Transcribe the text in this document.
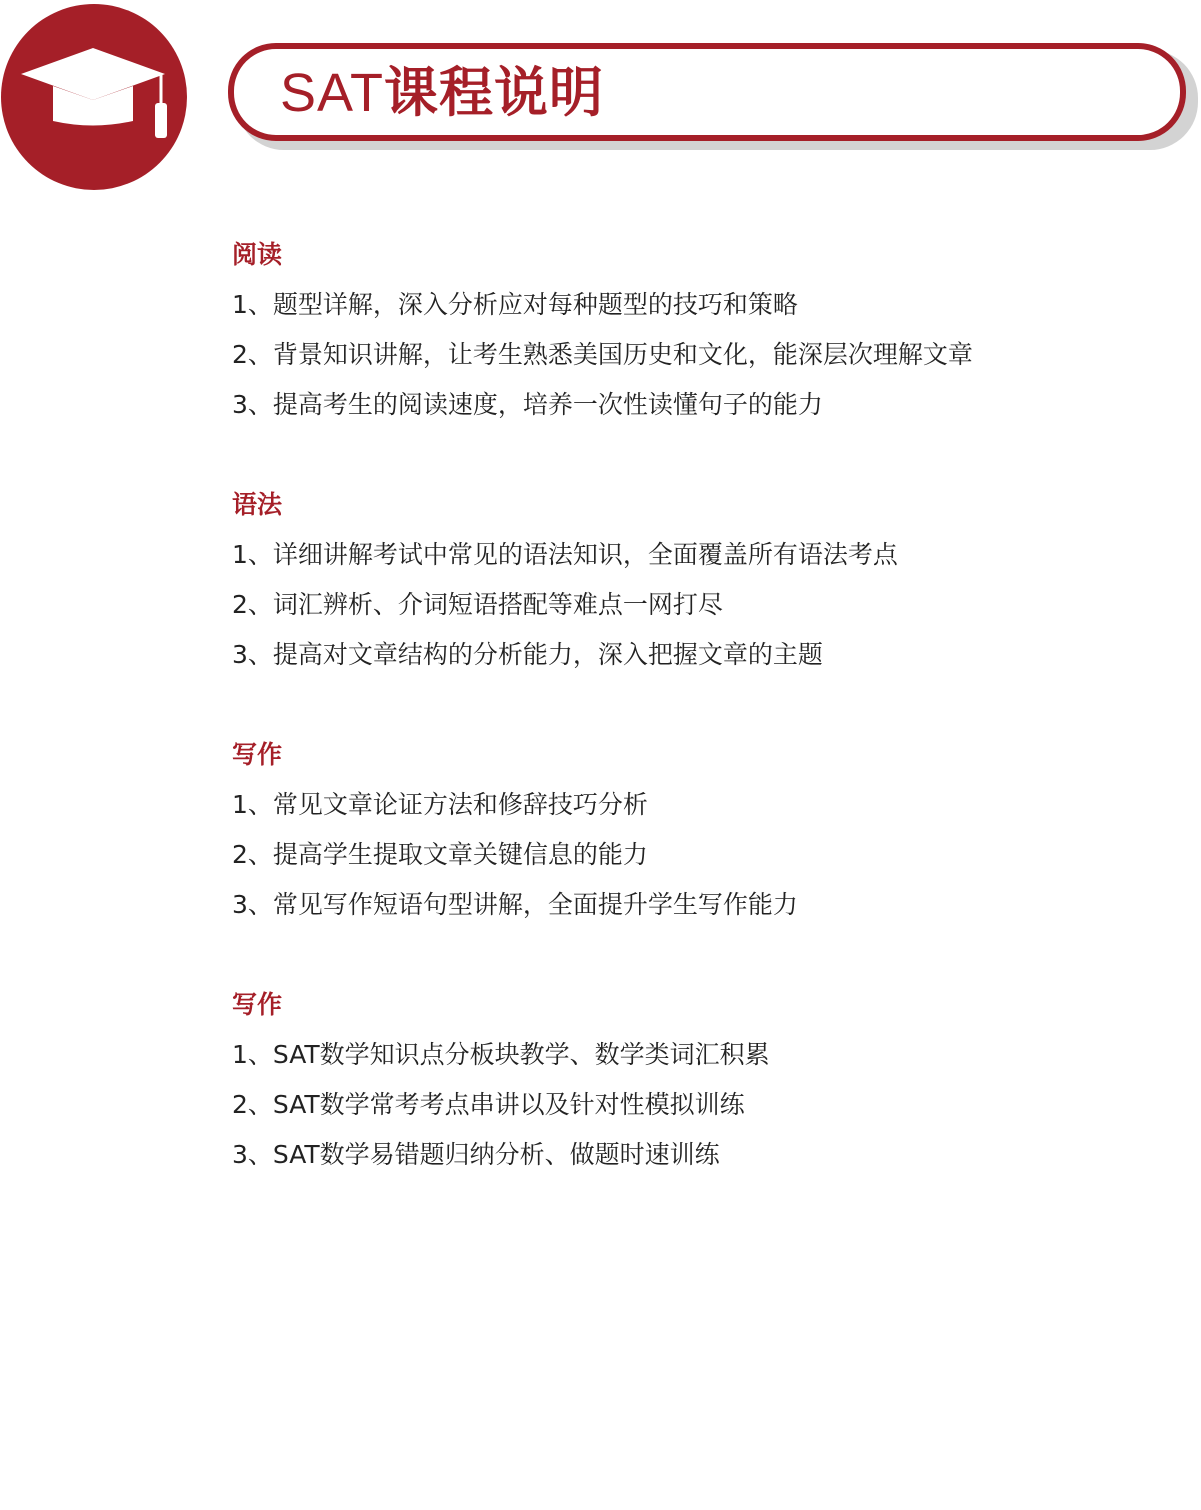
SAT课程说明
阅读
1、题型详解，深入分析应对每种题型的技巧和策略
2、背景知识讲解，让考生熟悉美国历史和文化，能深层次理解文章
3、提高考生的阅读速度，培养一次性读懂句子的能力
语法
1、详细讲解考试中常见的语法知识，全面覆盖所有语法考点
2、词汇辨析、介词短语搭配等难点一网打尽
3、提高对文章结构的分析能力，深入把握文章的主题
写作
1、常见文章论证方法和修辞技巧分析
2、提高学生提取文章关键信息的能力
3、常见写作短语句型讲解，全面提升学生写作能力
写作
1、SAT数学知识点分板块教学、数学类词汇积累
2、SAT数学常考考点串讲以及针对性模拟训练
3、SAT数学易错题归纳分析、做题时速训练
